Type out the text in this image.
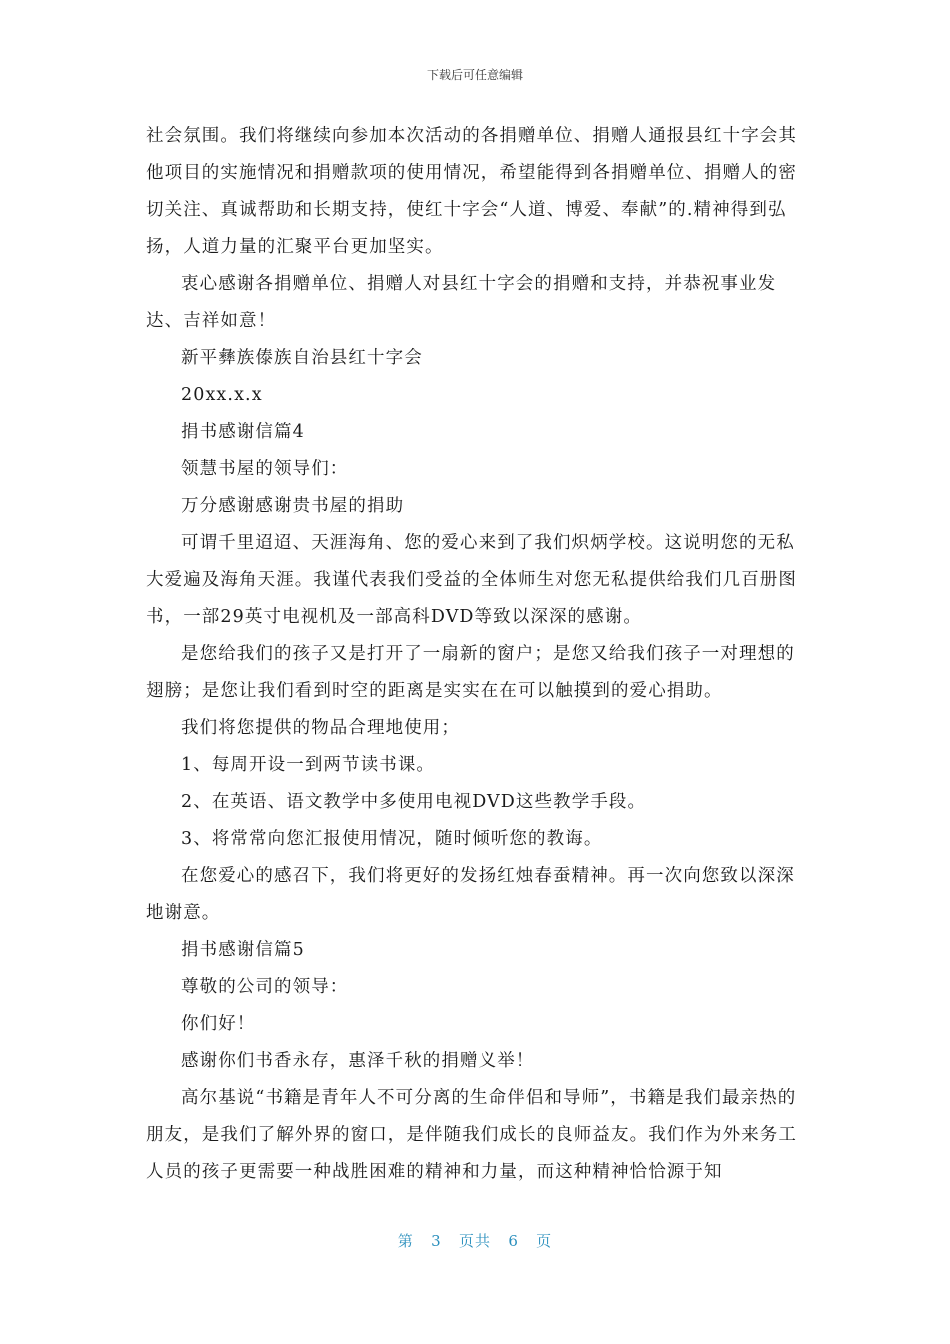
下载后可任意编辑

社会氛围。我们将继续向参加本次活动的各捐赠单位、捐赠人通报县红十字会其他项目的实施情况和捐赠款项的使用情况，希望能得到各捐赠单位、捐赠人的密切关注、真诚帮助和长期支持，使红十字会“人道、博爱、奉献”的.精神得到弘扬，人道力量的汇聚平台更加坚实。

衷心感谢各捐赠单位、捐赠人对县红十字会的捐赠和支持，并恭祝事业发达、吉祥如意！

新平彝族傣族自治县红十字会

20xx.x.x

捐书感谢信篇4

领慧书屋的领导们：

万分感谢感谢贵书屋的捐助

可谓千里迢迢、天涯海角、您的爱心来到了我们炽炳学校。这说明您的无私大爱遍及海角天涯。我谨代表我们受益的全体师生对您无私提供给我们几百册图书，一部29英寸电视机及一部高科DVD等致以深深的感谢。

是您给我们的孩子又是打开了一扇新的窗户；是您又给我们孩子一对理想的翅膀；是您让我们看到时空的距离是实实在在可以触摸到的爱心捐助。

我们将您提供的物品合理地使用；

1、每周开设一到两节读书课。

2、在英语、语文教学中多使用电视DVD这些教学手段。

3、将常常向您汇报使用情况，随时倾听您的教诲。

在您爱心的感召下，我们将更好的发扬红烛春蚕精神。再一次向您致以深深地谢意。

捐书感谢信篇5

尊敬的公司的领导：

你们好！

感谢你们书香永存，惠泽千秋的捐赠义举！

高尔基说“书籍是青年人不可分离的生命伴侣和导师”，书籍是我们最亲热的朋友，是我们了解外界的窗口，是伴随我们成长的良师益友。我们作为外来务工人员的孩子更需要一种战胜困难的精神和力量，而这种精神恰恰源于知

第 3 页共 6 页
